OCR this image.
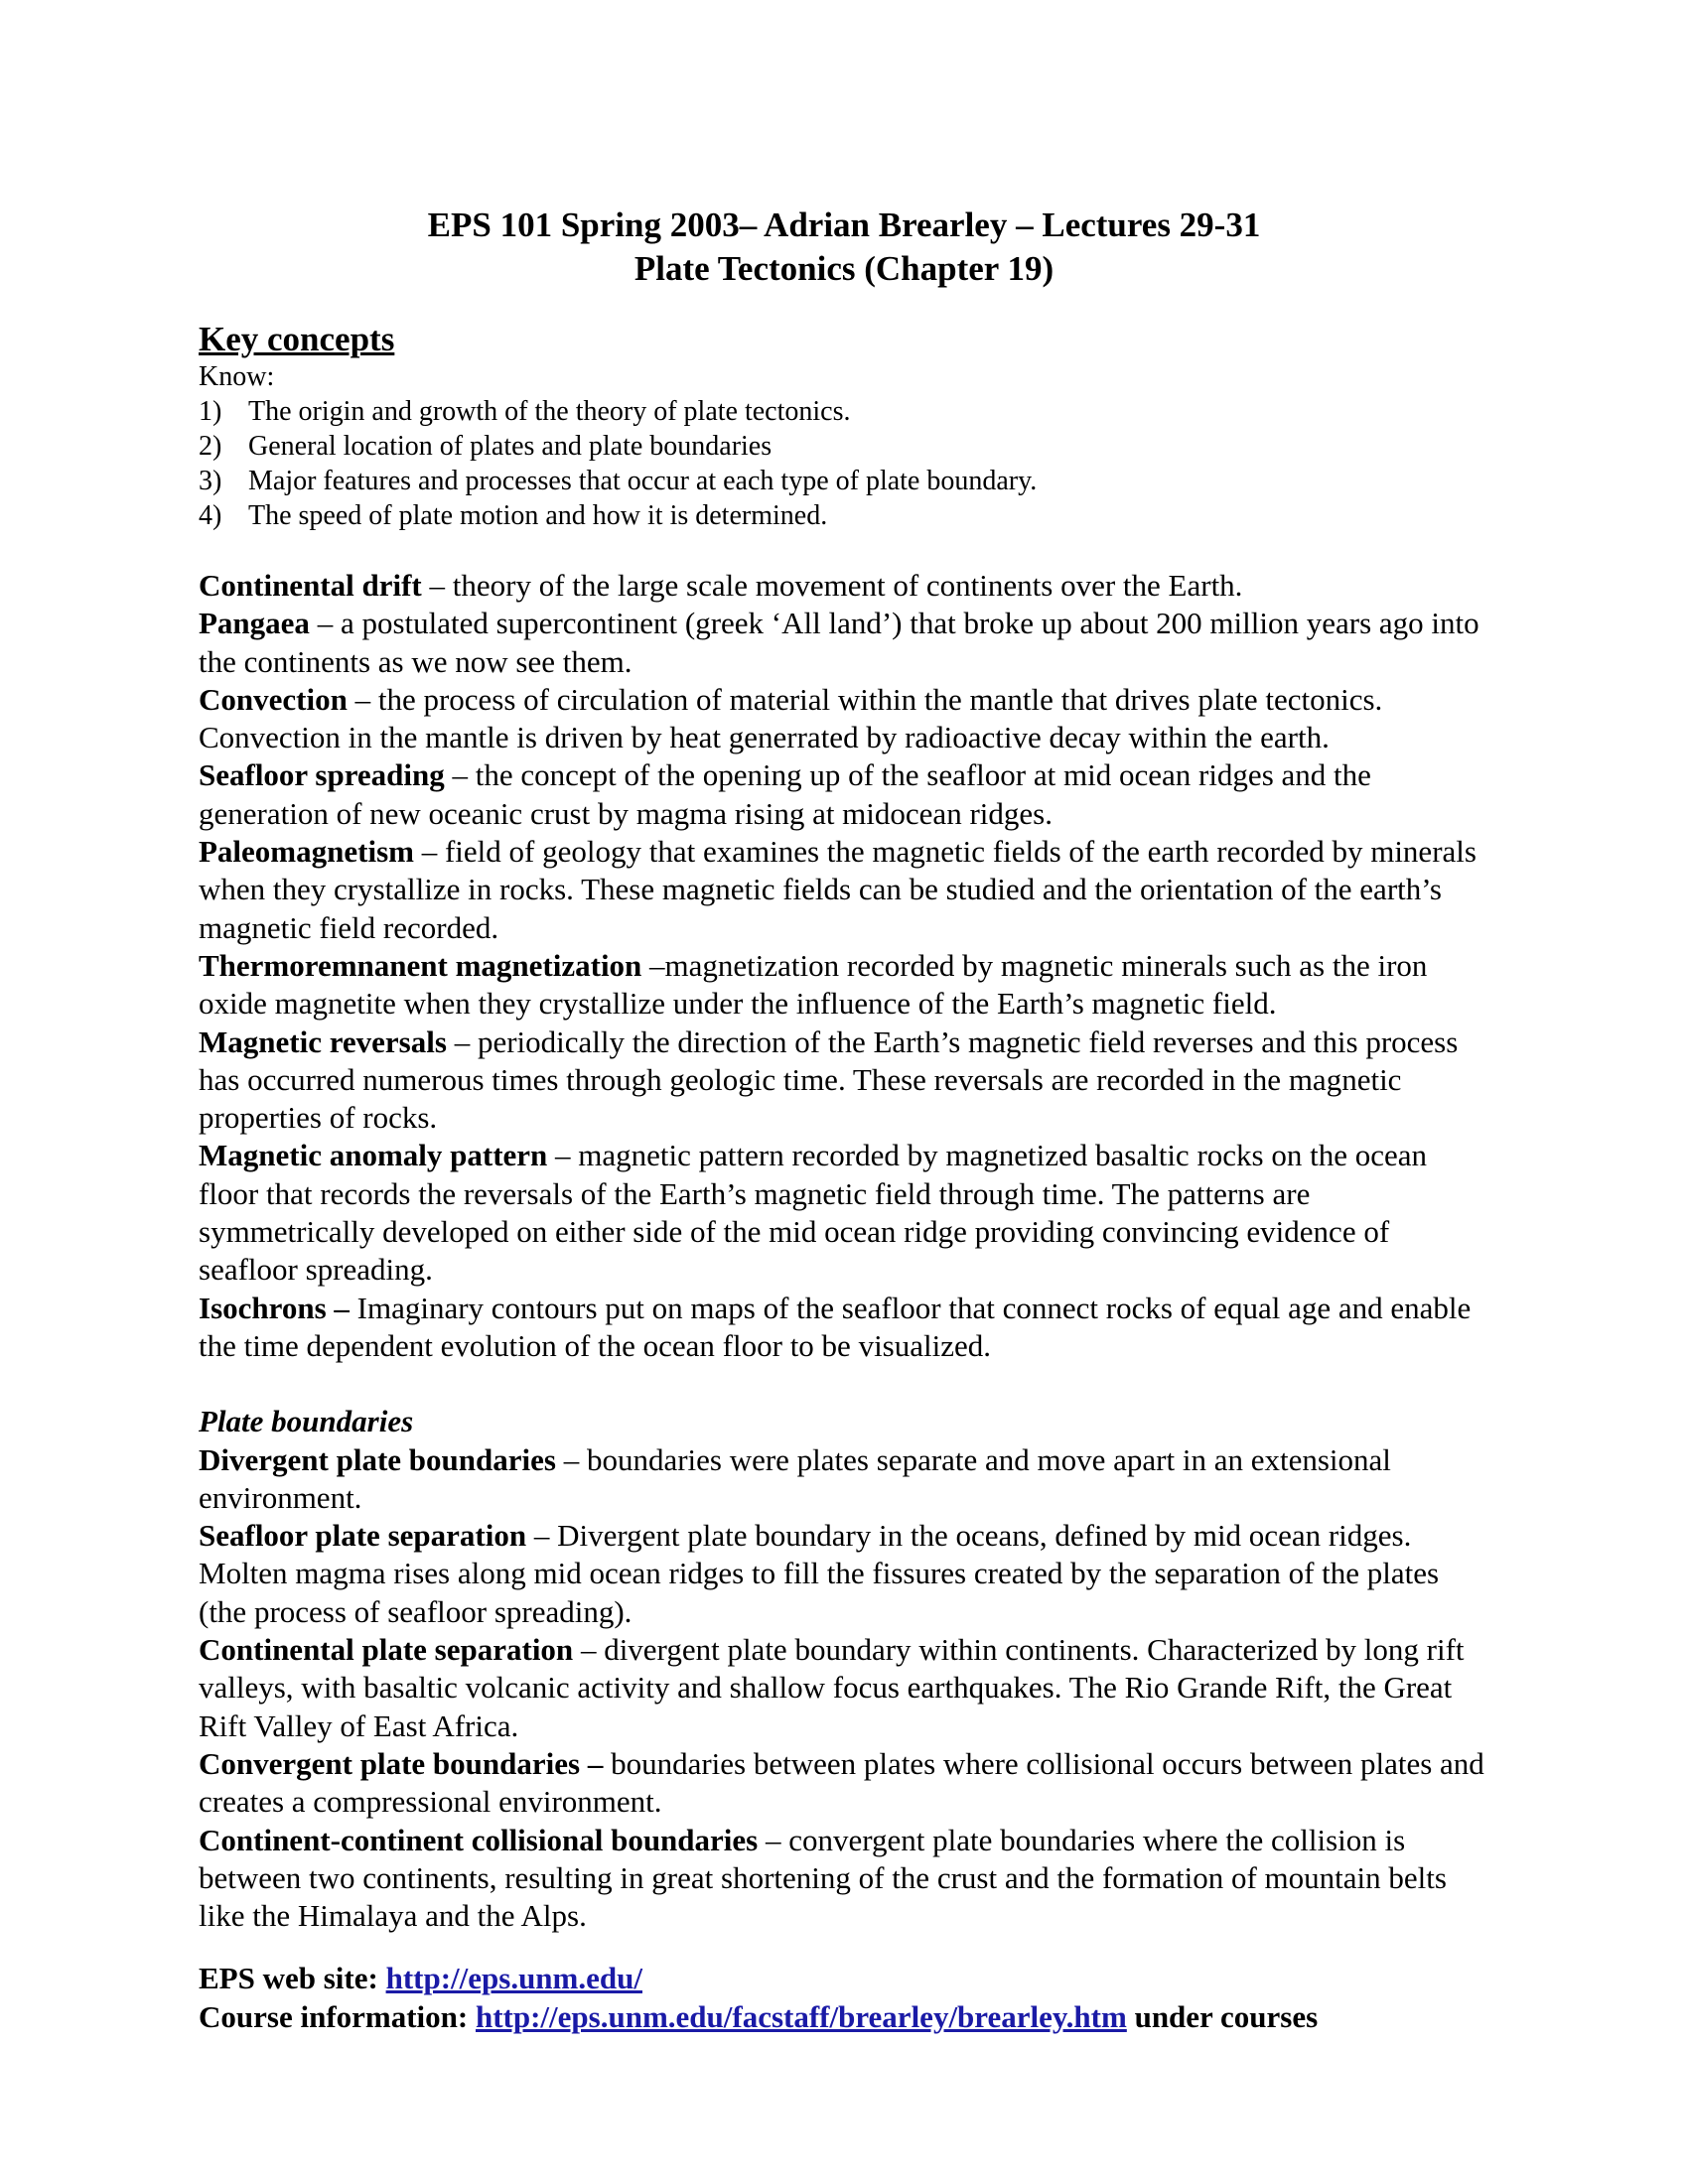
EPS 101 Spring 2003– Adrian Brearley – Lectures 29-31

Plate Tectonics (Chapter 19)

Key concepts

Know:

1) The origin and growth of the theory of plate tectonics.
2) General location of plates and plate boundaries
3) Major features and processes that occur at each type of plate boundary.
4) The speed of plate motion and how it is determined.

Continental drift – theory of the large scale movement of continents over the Earth.

Pangaea – a postulated supercontinent (greek ‘All land’) that broke up about 200 million years ago into the continents as we now see them.

Convection – the process of circulation of material within the mantle that drives plate tectonics. Convection in the mantle is driven by heat generrated by radioactive decay within the earth.

Seafloor spreading – the concept of the opening up of the seafloor at mid ocean ridges and the generation of new oceanic crust by magma rising at midocean ridges.

Paleomagnetism – field of geology that examines the magnetic fields of the earth recorded by minerals when they crystallize in rocks. These magnetic fields can be studied and the orientation of the earth’s magnetic field recorded.

Thermoremnanent magnetization –magnetization recorded by magnetic minerals such as the iron oxide magnetite when they crystallize under the influence of the Earth’s magnetic field.

Magnetic reversals – periodically the direction of the Earth’s magnetic field reverses and this process has occurred numerous times through geologic time. These reversals are recorded in the magnetic properties of rocks.

Magnetic anomaly pattern – magnetic pattern recorded by magnetized basaltic rocks on the ocean floor that records the reversals of the Earth’s magnetic field through time. The patterns are symmetrically developed on either side of the mid ocean ridge providing convincing evidence of seafloor spreading.

Isochrons – Imaginary contours put on maps of the seafloor that connect rocks of equal age and enable the time dependent evolution of the ocean floor to be visualized.

Plate boundaries

Divergent plate boundaries – boundaries were plates separate and move apart in an extensional environment.

Seafloor plate separation – Divergent plate boundary in the oceans, defined by mid ocean ridges. Molten magma rises along mid ocean ridges to fill the fissures created by the separation of the plates (the process of seafloor spreading).

Continental plate separation – divergent plate boundary within continents. Characterized by long rift valleys, with basaltic volcanic activity and shallow focus earthquakes. The Rio Grande Rift, the Great Rift Valley of East Africa.

Convergent plate boundaries – boundaries between plates where collisional occurs between plates and creates a compressional environment.

Continent-continent collisional boundaries – convergent plate boundaries where the collision is between two continents, resulting in great shortening of the crust and the formation of mountain belts like the Himalaya and the Alps.

EPS web site: http://eps.unm.edu/

Course information: http://eps.unm.edu/facstaff/brearley/brearley.htm under courses
